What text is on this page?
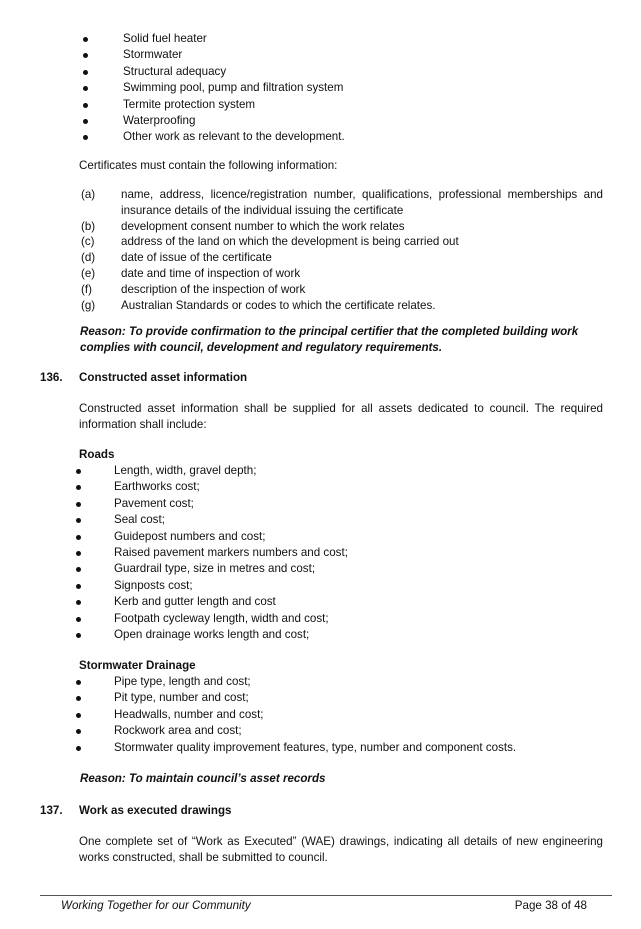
Solid fuel heater
Stormwater
Structural adequacy
Swimming pool, pump and filtration system
Termite protection system
Waterproofing
Other work as relevant to the development.
Certificates must contain the following information:
(a) name, address, licence/registration number, qualifications, professional memberships and insurance details of the individual issuing the certificate
(b) development consent number to which the work relates
(c) address of the land on which the development is being carried out
(d) date of issue of the certificate
(e) date and time of inspection of work
(f)	description of the inspection of work
(g) Australian Standards or codes to which the certificate relates.
Reason: To provide confirmation to the principal certifier that the completed building work complies with council, development and regulatory requirements.
136. Constructed asset information
Constructed asset information shall be supplied for all assets dedicated to council. The required information shall include:
Roads
Length, width, gravel depth;
Earthworks cost;
Pavement cost;
Seal cost;
Guidepost numbers and cost;
Raised pavement markers numbers and cost;
Guardrail type, size in metres and cost;
Signposts cost;
Kerb and gutter length and cost
Footpath cycleway length, width and cost;
Open drainage works length and cost;
Stormwater Drainage
Pipe type, length and cost;
Pit type, number and cost;
Headwalls, number and cost;
Rockwork area and cost;
Stormwater quality improvement features, type, number and component costs.
Reason: To maintain council’s asset records
137. Work as executed drawings
One complete set of “Work as Executed” (WAE) drawings, indicating all details of new engineering works constructed, shall be submitted to council.
Working Together for our Community	Page 38 of 48
